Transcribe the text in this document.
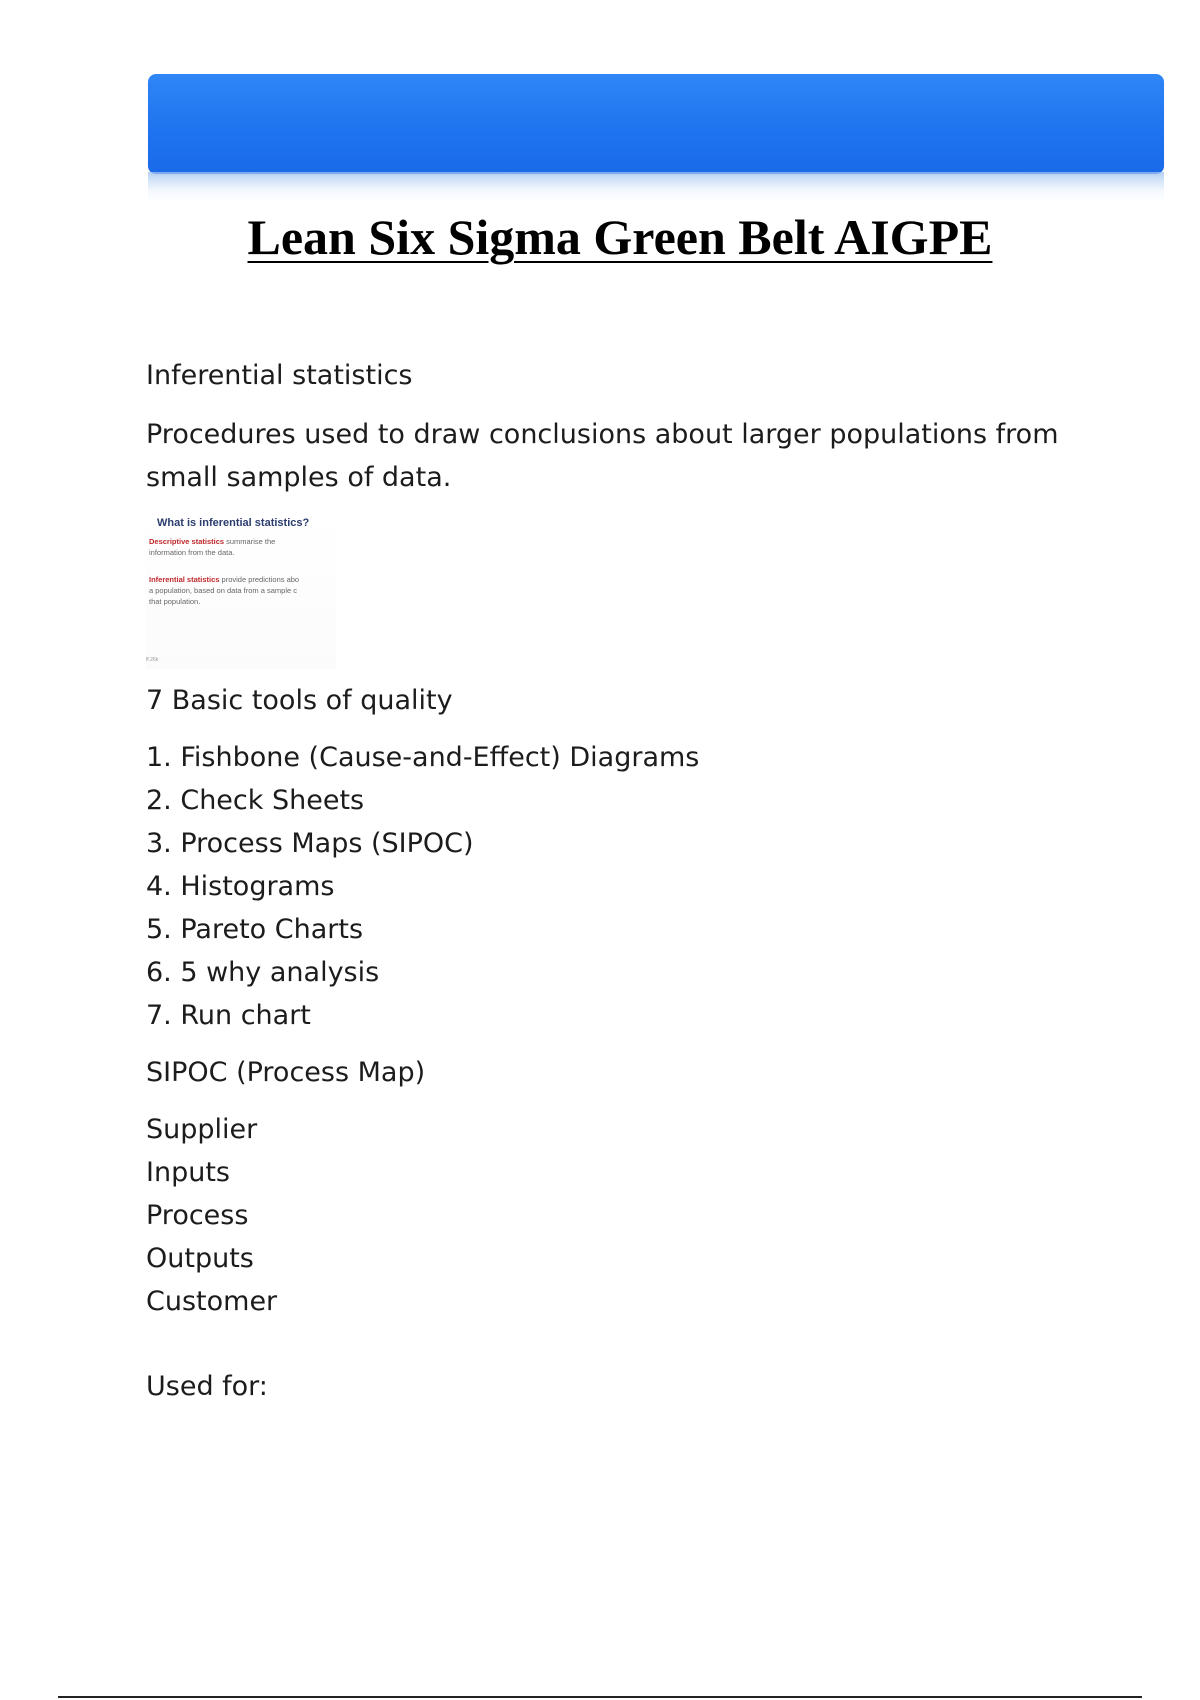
Lean Six Sigma Green Belt AIGPE

Inferential statistics

Procedures used to draw conclusions about larger populations from small samples of data.

What is inferential statistics?
Descriptive statistics summarise the
information from the data.
Inferential statistics provide predictions abo
a population, based on data from a sample c
that population.
ff.26k

7 Basic tools of quality

1. Fishbone (Cause-and-Effect) Diagrams
2. Check Sheets
3. Process Maps (SIPOC)
4. Histograms
5. Pareto Charts
6. 5 why analysis
7. Run chart

SIPOC (Process Map)

Supplier
Inputs
Process
Outputs
Customer

Used for:
